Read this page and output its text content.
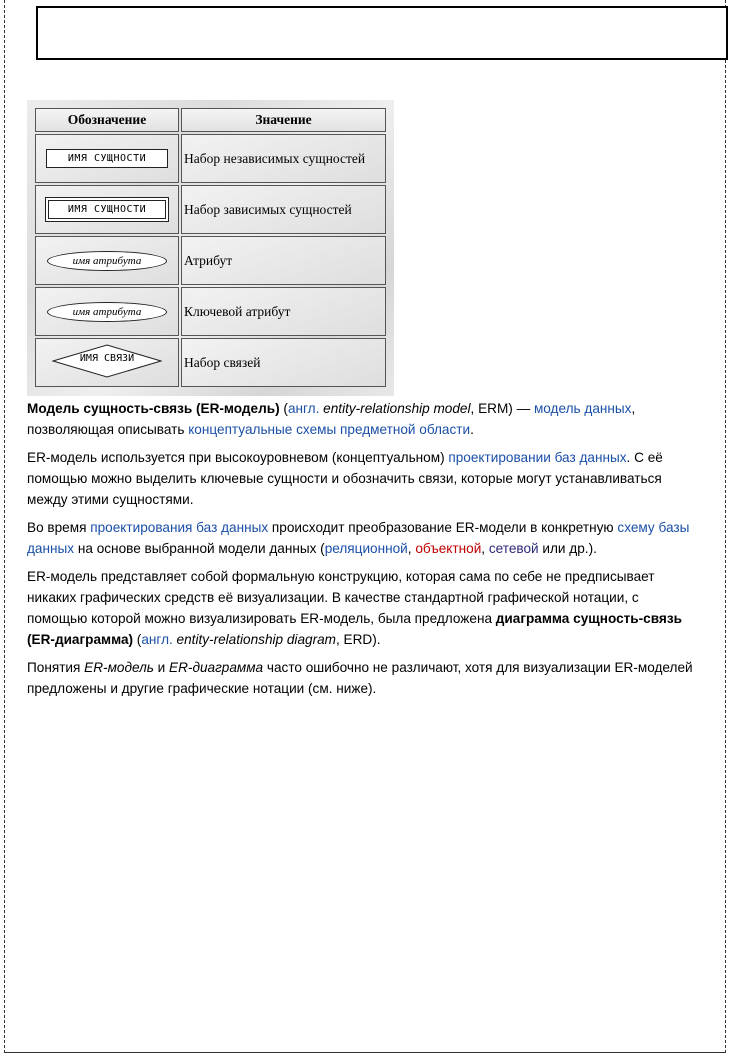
Обозначение	Значение
ИМЯ СУЩНОСТИ	Набор независимых сущностей
ИМЯ СУЩНОСТИ	Набор зависимых сущностей
имя атрибута	Атрибут
имя атрибута	Ключевой атрибут

ИМЯ СВЯЗИ	Набор связей

Модель сущность-связь (ER-модель) (англ. entity-relationship model, ERM) — модель данных, позволяющая описывать концептуальные схемы предметной области.

ER-модель используется при высокоуровневом (концептуальном) проектировании баз данных. С её помощью можно выделить ключевые сущности и обозначить связи, которые могут устанавливаться между этими сущностями.

Во время проектирования баз данных происходит преобразование ER-модели в конкретную схему базы данных на основе выбранной модели данных (реляционной, объектной, сетевой или др.).

ER-модель представляет собой формальную конструкцию, которая сама по себе не предписывает никаких графических средств её визуализации. В качестве стандартной графической нотации, с помощью которой можно визуализировать ER-модель, была предложена диаграмма сущность-связь (ER-диаграмма) (англ. entity-relationship diagram, ERD).

Понятия ER-модель и ER-диаграмма часто ошибочно не различают, хотя для визуализации ER-моделей предложены и другие графические нотации (см. ниже).
